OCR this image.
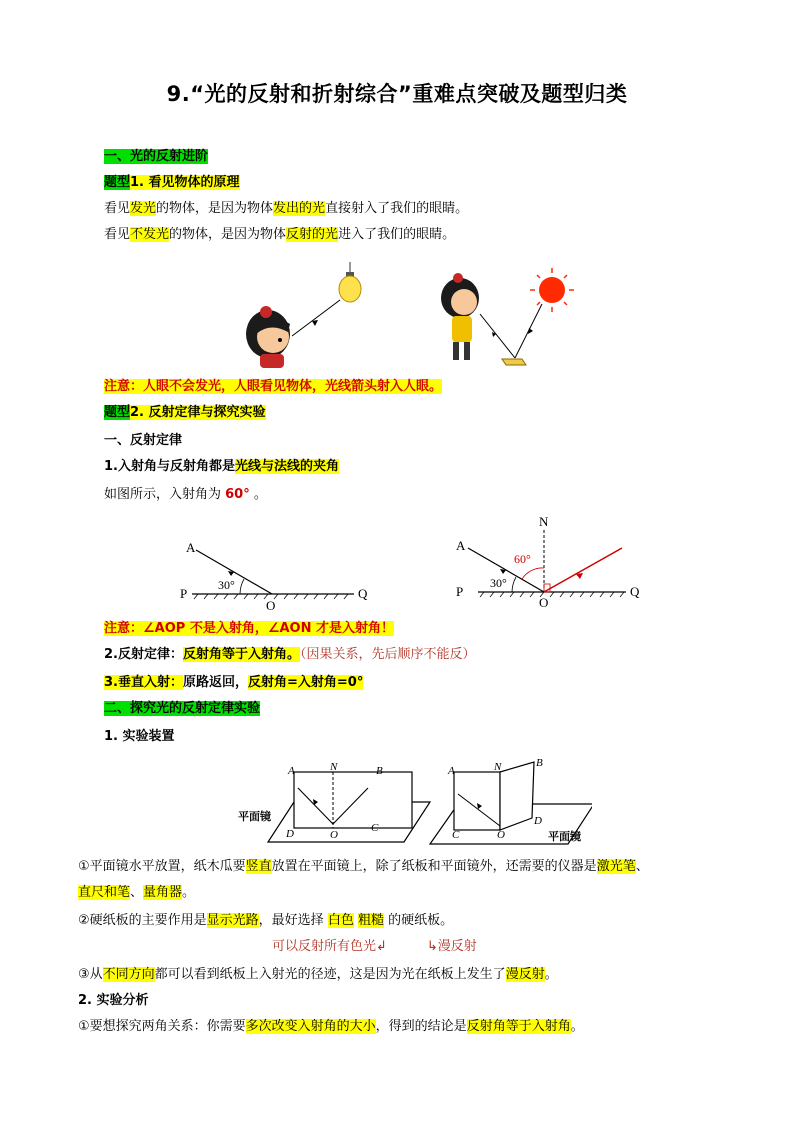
9.“光的反射和折射综合”重难点突破及题型归类
一、光的反射进阶
题型1. 看见物体的原理
看见发光的物体，是因为物体发出的光直接射入了我们的眼睛。
看见不发光的物体，是因为物体反射的光进入了我们的眼睛。
注意：人眼不会发光，人眼看见物体，光线箭头射入人眼。
题型2. 反射定律与探究实验
一、反射定律
1.入射角与反射角都是光线与法线的夹角
如图所示，入射角为 60° 。
A
P
O
Q
30°
N
A
P
O
Q
30°
60°
注意：∠AOP 不是入射角，∠AON 才是入射角！
2.反射定律：反射角等于入射角。（因果关系，先后顺序不能反）
3.垂直入射：原路返回，反射角=入射角=0°
二、探究光的反射定律实验
1. 实验装置
A	N	B
D	O
C
平面镜
A	N	B
C	O
D
平面镜
①平面镜水平放置，纸木瓜要竖直放置在平面镜上，除了纸板和平面镜外，还需要的仪器是激光笔、
直尺和笔、量角器。
②硬纸板的主要作用是显示光路，最好选择 白色 粗糙 的硬纸板。
可以反射所有色光↲	↳漫反射
③从不同方向都可以看到纸板上入射光的径迹，这是因为光在纸板上发生了漫反射。
2. 实验分析
①要想探究两角关系：你需要多次改变入射角的大小，得到的结论是反射角等于入射角。
